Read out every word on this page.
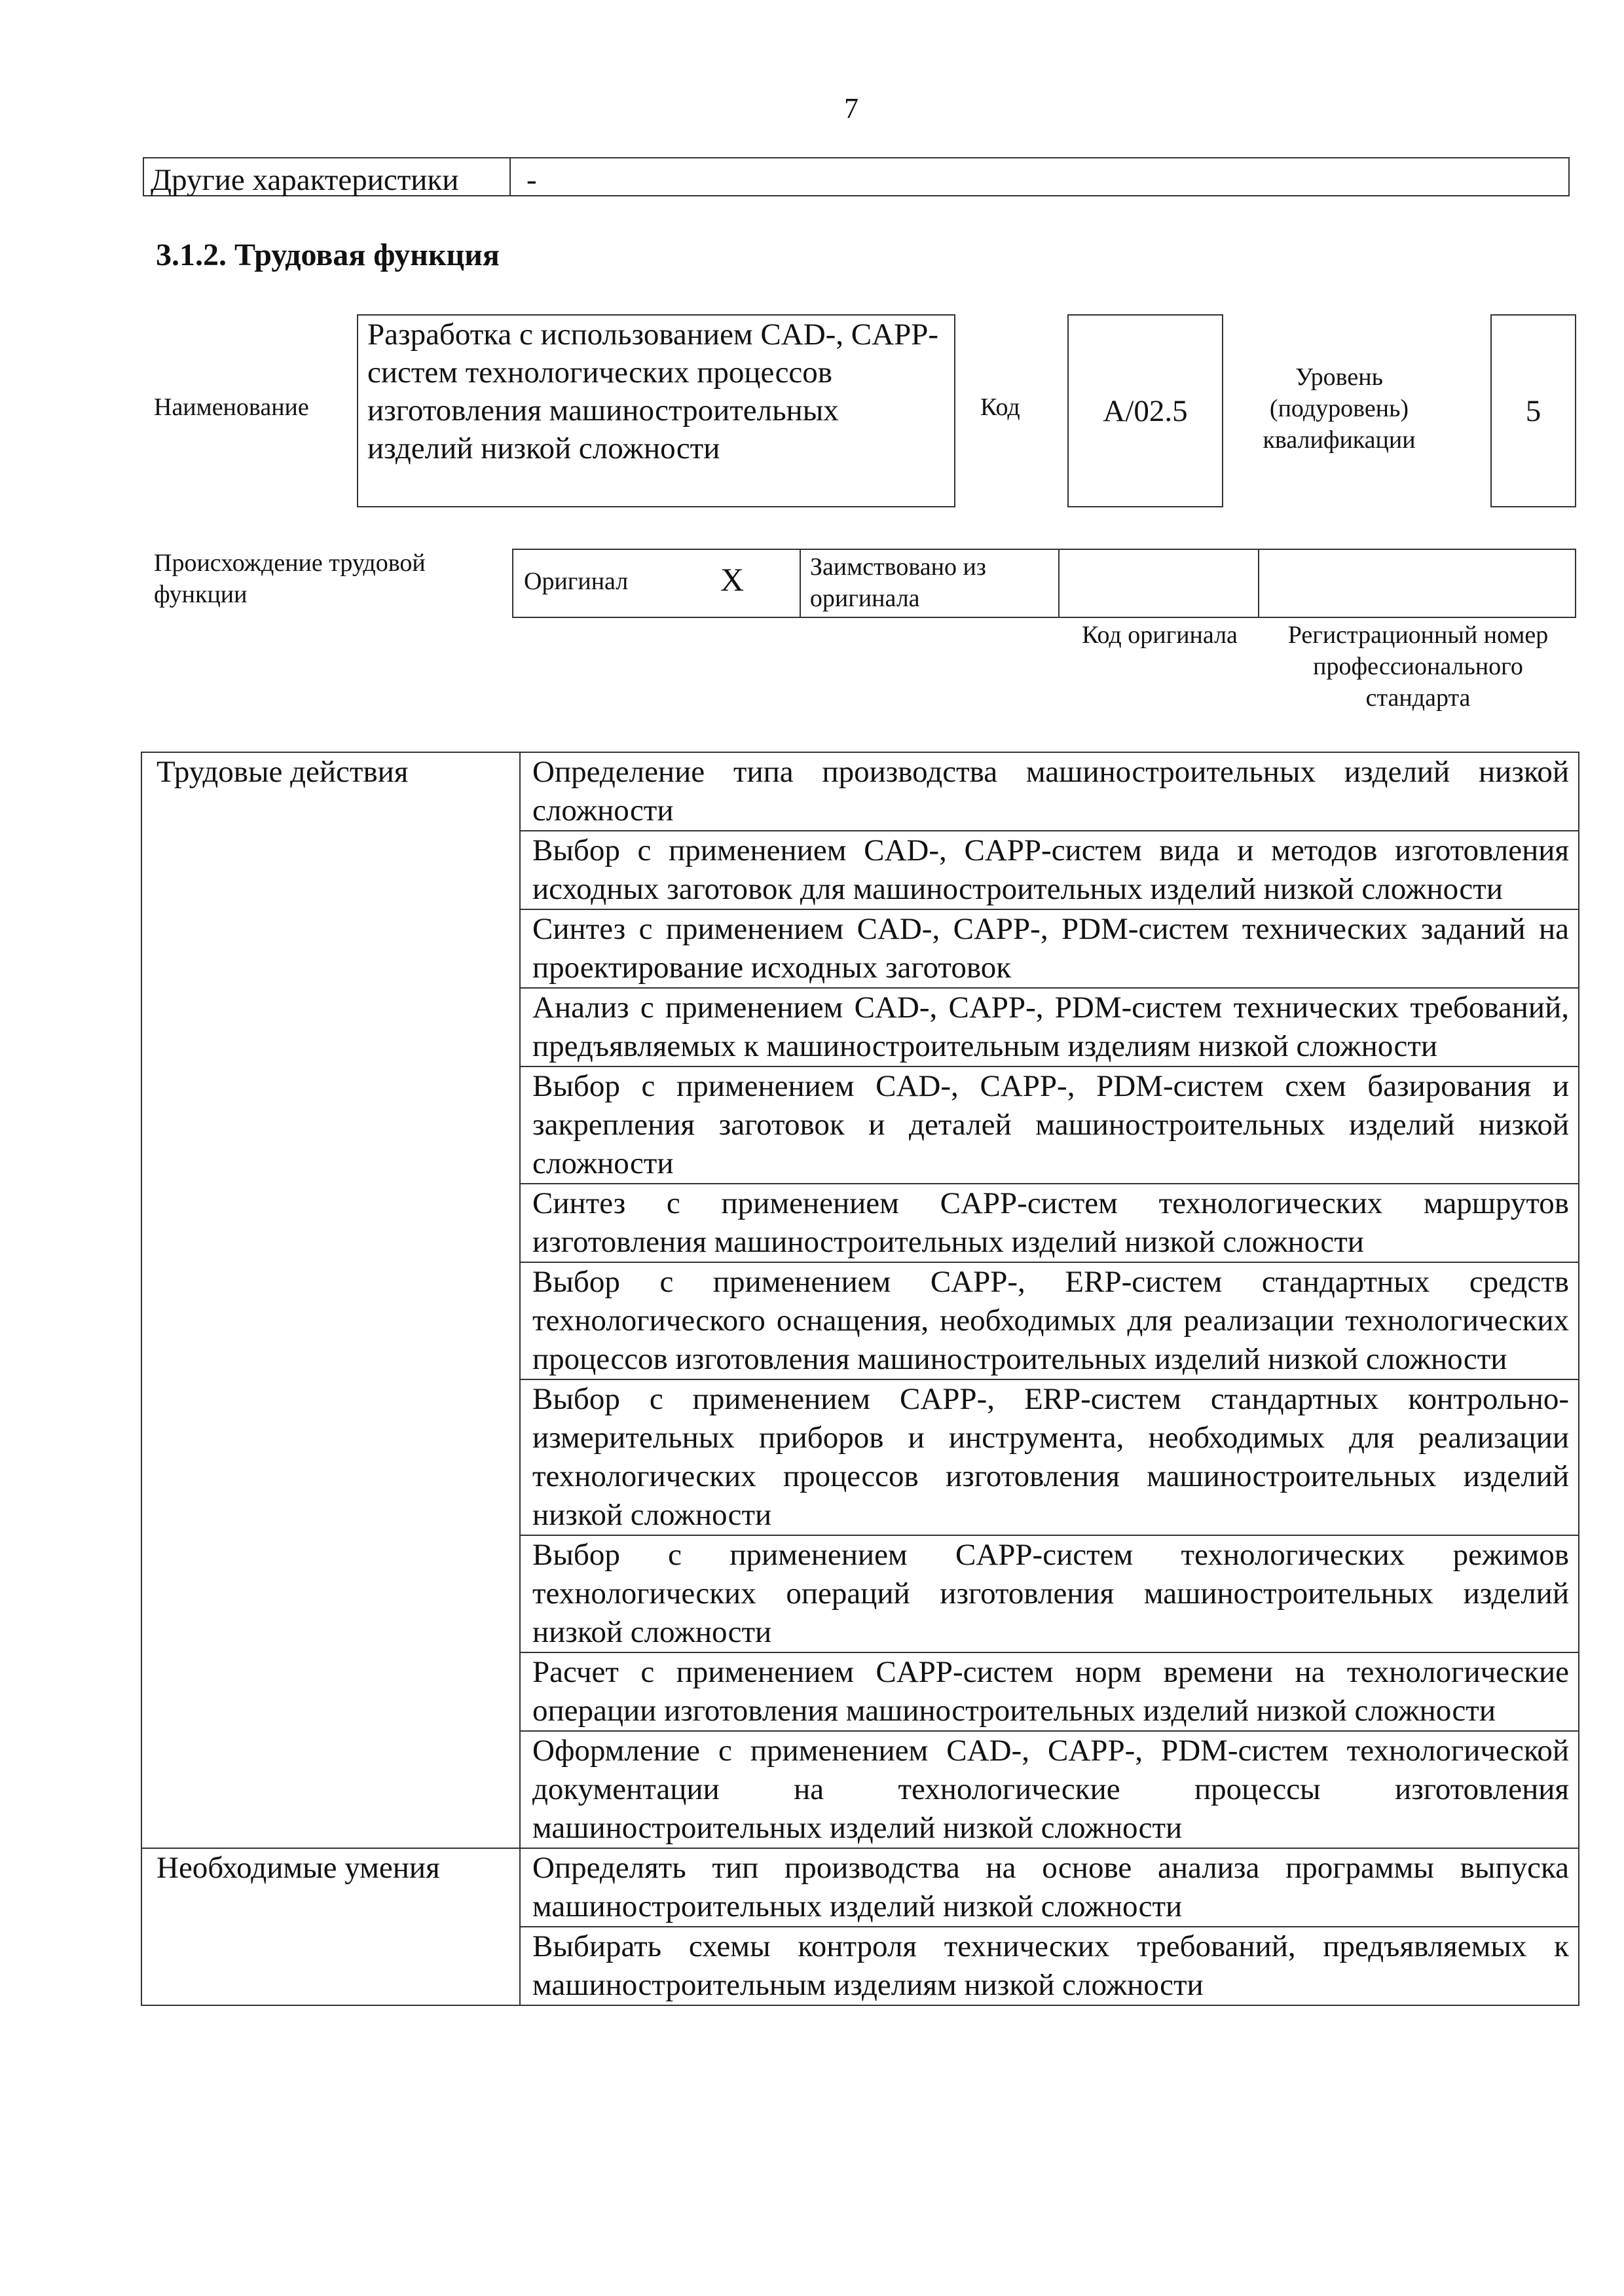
7
Другие характеристики	-
3.1.2. Трудовая функция
Наименование
Разработка с использованием CAD-, CAPP-систем технологических процессов изготовления машиностроительных изделий низкой сложности
Код	A/02.5
Уровень (подуровень) квалификации
5
Происхождение трудовой функции	Оригинал	X	Заимствовано из оригинала
Код оригинала	Регистрационный номер профессионального стандарта
Трудовые действия	Определение типа производства машиностроительных изделий низкой сложности
	Выбор с применением CAD-, CAPP-систем вида и методов изготовления исходных заготовок для машиностроительных изделий низкой сложности
	Синтез с применением CAD-, CAPP-, PDM-систем технических заданий на проектирование исходных заготовок
	Анализ с применением CAD-, CAPP-, PDM-систем технических требований, предъявляемых к машиностроительным изделиям низкой сложности
	Выбор с применением CAD-, CAPP-, PDM-систем схем базирования и закрепления заготовок и деталей машиностроительных изделий низкой сложности
	Синтез с применением CAPP-систем технологических маршрутов изготовления машиностроительных изделий низкой сложности
	Выбор с применением CAPP-, ERP-систем стандартных средств технологического оснащения, необходимых для реализации технологических процессов изготовления машиностроительных изделий низкой сложности
	Выбор с применением CAPP-, ERP-систем стандартных контрольно-измерительных приборов и инструмента, необходимых для реализации технологических процессов изготовления машиностроительных изделий низкой сложности
	Выбор с применением CAPP-систем технологических режимов технологических операций изготовления машиностроительных изделий низкой сложности
	Расчет с применением CAPP-систем норм времени на технологические операции изготовления машиностроительных изделий низкой сложности
	Оформление с применением CAD-, CAPP-, PDM-систем технологической документации на технологические процессы изготовления машиностроительных изделий низкой сложности
Необходимые умения	Определять тип производства на основе анализа программы выпуска машиностроительных изделий низкой сложности
	Выбирать схемы контроля технических требований, предъявляемых к машиностроительным изделиям низкой сложности
